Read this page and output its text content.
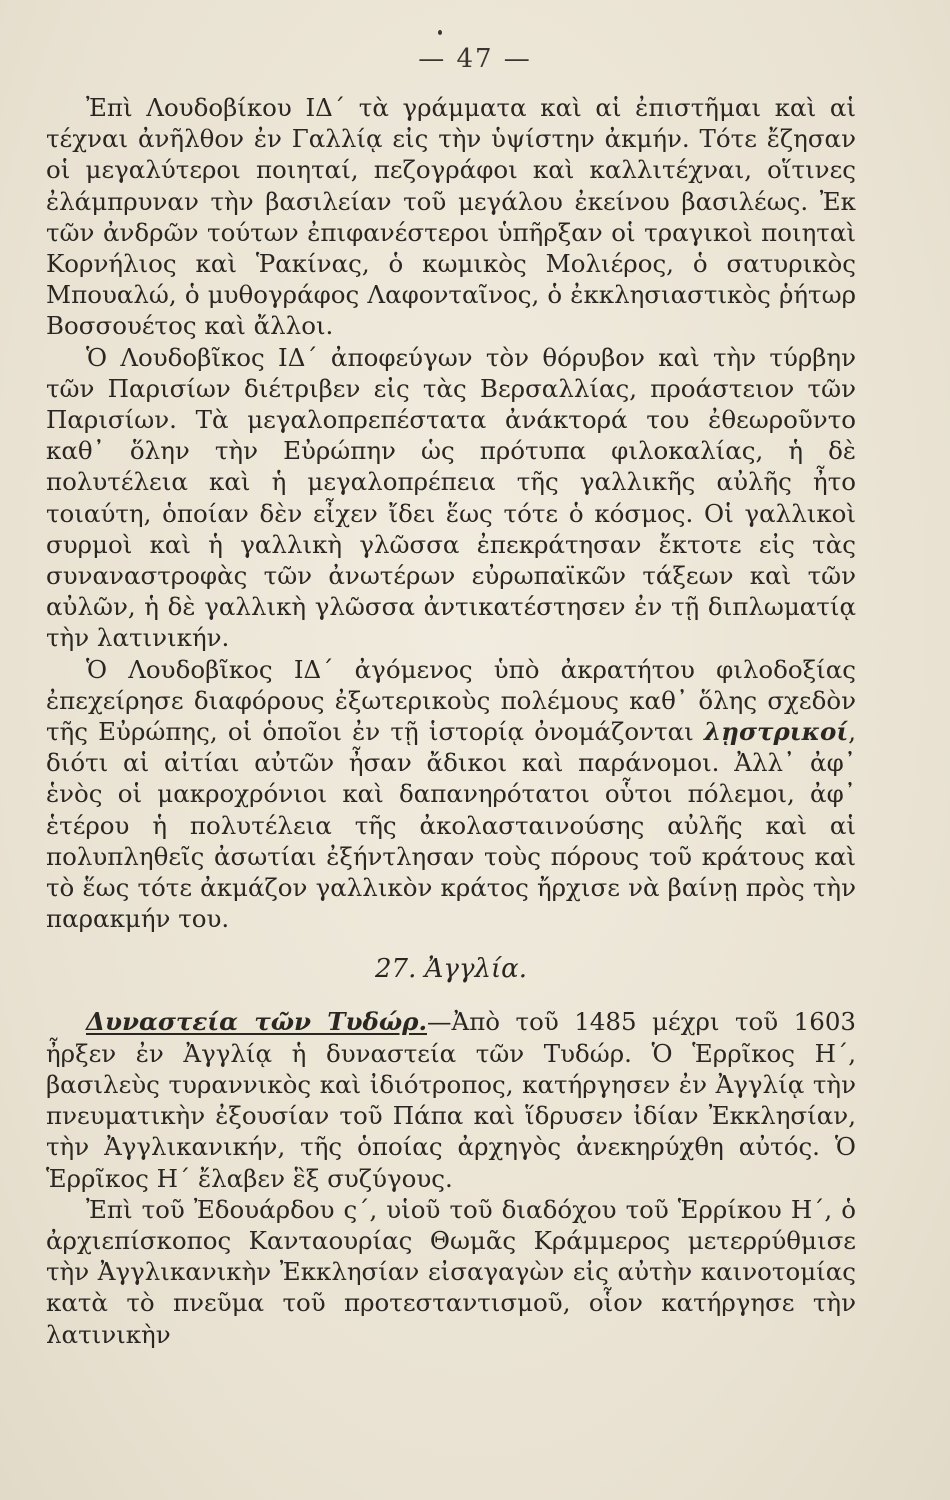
— 47 —

Ἐπὶ Λουδοβίκου ΙΔ΄ τὰ γράμματα καὶ αἱ ἐπιστῆμαι καὶ αἱ τέχναι ἀνῆλθον ἐν Γαλλίᾳ εἰς τὴν ὑψίστην ἀκμήν. Τότε ἔζησαν οἱ μεγαλύτεροι ποιηταί, πεζογράφοι καὶ καλλιτέχναι, οἵτινες ἐλάμπρυναν τὴν βασιλείαν τοῦ μεγάλου ἐκείνου βασιλέως. Ἐκ τῶν ἀνδρῶν τούτων ἐπιφανέστεροι ὑπῆρξαν οἱ τραγικοὶ ποιηταὶ Κορνήλιος καὶ Ῥακίνας, ὁ κωμικὸς Μολιέρος, ὁ σατυρικὸς Μπουαλώ, ὁ μυθογράφος Λαφονταῖνος, ὁ ἐκκλησιαστικὸς ῥήτωρ Βοσσουέτος καὶ ἄλλοι.

Ὁ Λουδοβῖκος ΙΔ΄ ἀποφεύγων τὸν θόρυβον καὶ τὴν τύρβην τῶν Παρισίων διέτριβεν εἰς τὰς Βερσαλλίας, προάστειον τῶν Παρισίων. Τὰ μεγαλοπρεπέστατα ἀνάκτορά του ἐθεωροῦντο καθ᾿ ὅλην τὴν Εὐρώπην ὡς πρότυπα φιλοκαλίας, ἡ δὲ πολυτέλεια καὶ ἡ μεγαλοπρέπεια τῆς γαλλικῆς αὐλῆς ἦτο τοιαύτη, ὁποίαν δὲν εἶχεν ἴδει ἕως τότε ὁ κόσμος. Οἱ γαλλικοὶ συρμοὶ καὶ ἡ γαλλικὴ γλῶσσα ἐπεκράτησαν ἔκτοτε εἰς τὰς συναναστροφὰς τῶν ἀνωτέρων εὐρωπαϊκῶν τάξεων καὶ τῶν αὐλῶν, ἡ δὲ γαλλικὴ γλῶσσα ἀντικατέστησεν ἐν τῇ διπλωματίᾳ τὴν λατινικήν.

Ὁ Λουδοβῖκος ΙΔ΄ ἀγόμενος ὑπὸ ἀκρατήτου φιλοδοξίας ἐπεχείρησε διαφόρους ἐξωτερικοὺς πολέμους καθ᾿ ὅλης σχεδὸν τῆς Εὐρώπης, οἱ ὁποῖοι ἐν τῇ ἱστορίᾳ ὀνομάζονται λῃστρικοί, διότι αἱ αἰτίαι αὐτῶν ἦσαν ἄδικοι καὶ παράνομοι. Ἀλλ᾿ ἀφ᾿ ἑνὸς οἱ μακροχρόνιοι καὶ δαπανηρότατοι οὗτοι πόλεμοι, ἀφ᾿ ἑτέρου ἡ πολυτέλεια τῆς ἀκολασταινούσης αὐλῆς καὶ αἱ πολυπληθεῖς ἀσωτίαι ἐξήντλησαν τοὺς πόρους τοῦ κράτους καὶ τὸ ἕως τότε ἀκμάζον γαλλικὸν κράτος ἤρχισε νὰ βαίνῃ πρὸς τὴν παρακμήν του.

27. Ἀγγλία.

Δυναστεία τῶν Τυδώρ.—Ἀπὸ τοῦ 1485 μέχρι τοῦ 1603 ἦρξεν ἐν Ἀγγλίᾳ ἡ δυναστεία τῶν Τυδώρ. Ὁ Ἑρρῖκος Η΄, βασιλεὺς τυραννικὸς καὶ ἰδιότροπος, κατήργησεν ἐν Ἀγγλίᾳ τὴν πνευματικὴν ἐξουσίαν τοῦ Πάπα καὶ ἵδρυσεν ἰδίαν Ἐκκλησίαν, τὴν Ἀγγλικανικήν, τῆς ὁποίας ἀρχηγὸς ἀνεκηρύχθη αὐτός. Ὁ Ἑρρῖκος Η΄ ἔλαβεν ἓξ συζύγους.

Ἐπὶ τοῦ Ἐδουάρδου ς΄, υἱοῦ τοῦ διαδόχου τοῦ Ἑρρίκου Η΄, ὁ ἀρχιεπίσκοπος Κανταουρίας Θωμᾶς Κράμμερος μετερρύθμισε τὴν Ἀγγλικανικὴν Ἐκκλησίαν εἰσαγαγὼν εἰς αὐτὴν καινοτομίας κατὰ τὸ πνεῦμα τοῦ προτεσταντισμοῦ, οἷον κατήργησε τὴν λατινικὴν
